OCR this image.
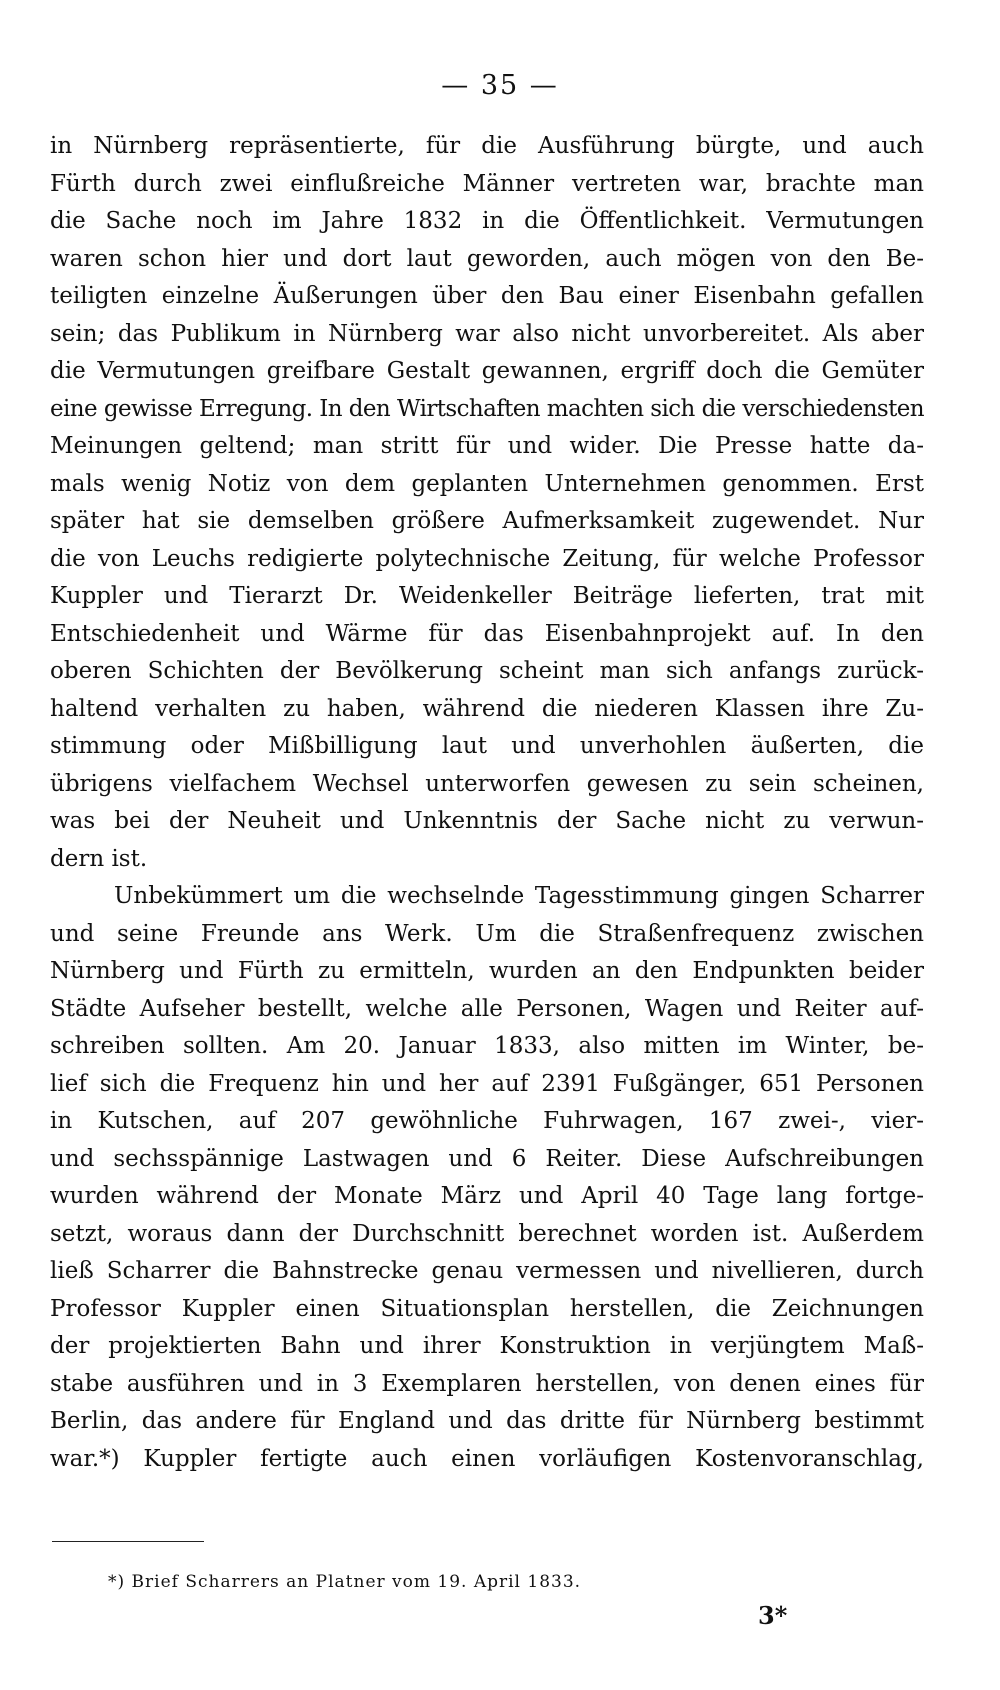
— 35 —
in Nürnberg repräsentierte, für die Ausführung bürgte, und auch
Fürth durch zwei einflußreiche Männer vertreten war, brachte man
die Sache noch im Jahre 1832 in die Öffentlichkeit. Vermutungen
waren schon hier und dort laut geworden, auch mögen von den Be-
teiligten einzelne Äußerungen über den Bau einer Eisenbahn gefallen
sein; das Publikum in Nürnberg war also nicht unvorbereitet. Als aber
die Vermutungen greifbare Gestalt gewannen, ergriff doch die Gemüter
eine gewisse Erregung. In den Wirtschaften machten sich die verschiedensten
Meinungen geltend; man stritt für und wider. Die Presse hatte da-
mals wenig Notiz von dem geplanten Unternehmen genommen. Erst
später hat sie demselben größere Aufmerksamkeit zugewendet. Nur
die von Leuchs redigierte polytechnische Zeitung, für welche Professor
Kuppler und Tierarzt Dr. Weidenkeller Beiträge lieferten, trat mit
Entschiedenheit und Wärme für das Eisenbahnprojekt auf. In den
oberen Schichten der Bevölkerung scheint man sich anfangs zurück-
haltend verhalten zu haben, während die niederen Klassen ihre Zu-
stimmung oder Mißbilligung laut und unverhohlen äußerten, die
übrigens vielfachem Wechsel unterworfen gewesen zu sein scheinen,
was bei der Neuheit und Unkenntnis der Sache nicht zu verwun-
dern ist.
Unbekümmert um die wechselnde Tagesstimmung gingen Scharrer
und seine Freunde ans Werk. Um die Straßenfrequenz zwischen
Nürnberg und Fürth zu ermitteln, wurden an den Endpunkten beider
Städte Aufseher bestellt, welche alle Personen, Wagen und Reiter auf-
schreiben sollten. Am 20. Januar 1833, also mitten im Winter, be-
lief sich die Frequenz hin und her auf 2391 Fußgänger, 651 Personen
in Kutschen, auf 207 gewöhnliche Fuhrwagen, 167 zwei-, vier-
und sechsspännige Lastwagen und 6 Reiter. Diese Aufschreibungen
wurden während der Monate März und April 40 Tage lang fortge-
setzt, woraus dann der Durchschnitt berechnet worden ist. Außerdem
ließ Scharrer die Bahnstrecke genau vermessen und nivellieren, durch
Professor Kuppler einen Situationsplan herstellen, die Zeichnungen
der projektierten Bahn und ihrer Konstruktion in verjüngtem Maß-
stabe ausführen und in 3 Exemplaren herstellen, von denen eines für
Berlin, das andere für England und das dritte für Nürnberg bestimmt
war.*) Kuppler fertigte auch einen vorläufigen Kostenvoranschlag,
*) Brief Scharrers an Platner vom 19. April 1833.
3*
